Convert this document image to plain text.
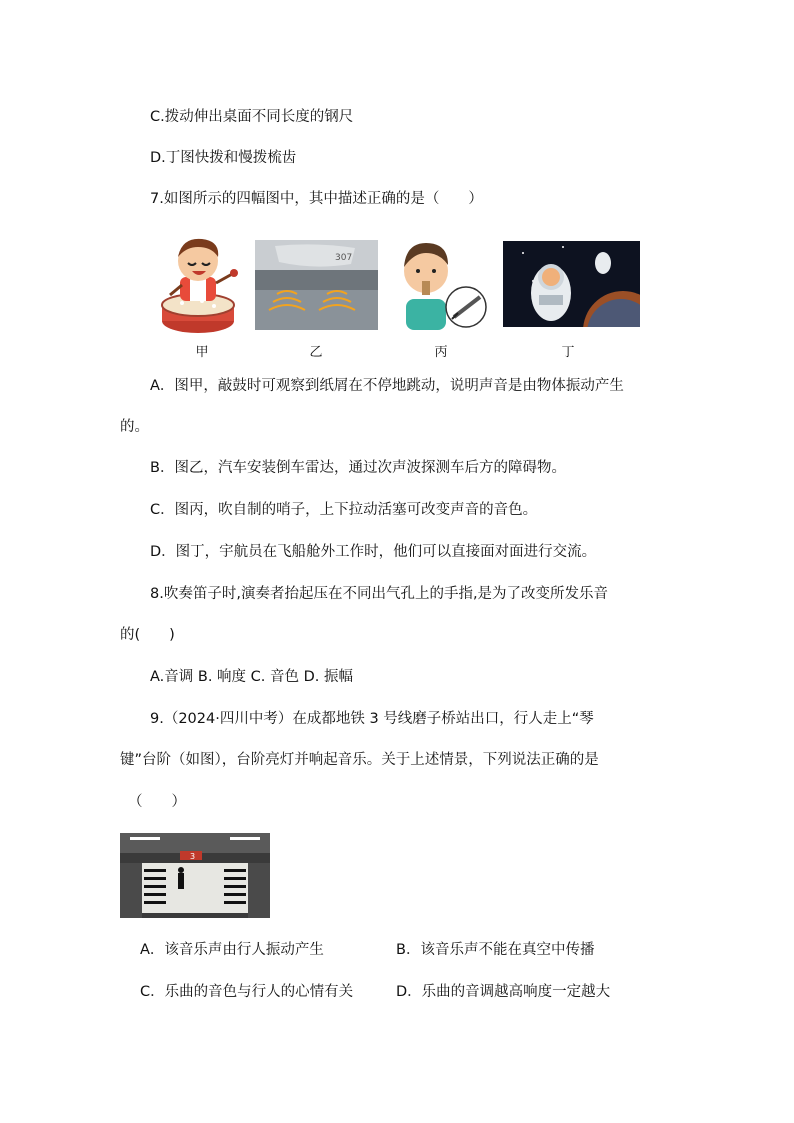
C.拨动伸出桌面不同长度的钢尺
D.丁图快拨和慢拨梳齿
7.如图所示的四幅图中，其中描述正确的是（　　）
307
甲	乙	丙	丁
A．图甲，敲鼓时可观察到纸屑在不停地跳动，说明声音是由物体振动产生
的。
B．图乙，汽车安装倒车雷达，通过次声波探测车后方的障碍物。
C．图丙，吹自制的哨子，上下拉动活塞可改变声音的音色。
D．图丁，宇航员在飞船舱外工作时，他们可以直接面对面进行交流。
8.吹奏笛子时,演奏者抬起压在不同出气孔上的手指,是为了改变所发乐音
的(　　)
A.音调 B. 响度 C. 音色 D. 振幅
9.（2024·四川中考）在成都地铁 3 号线磨子桥站出口，行人走上“琴
键”台阶（如图），台阶亮灯并响起音乐。关于上述情景，下列说法正确的是
（　　）
3
A．该音乐声由行人振动产生	B．该音乐声不能在真空中传播
C．乐曲的音色与行人的心情有关	D．乐曲的音调越高响度一定越大
